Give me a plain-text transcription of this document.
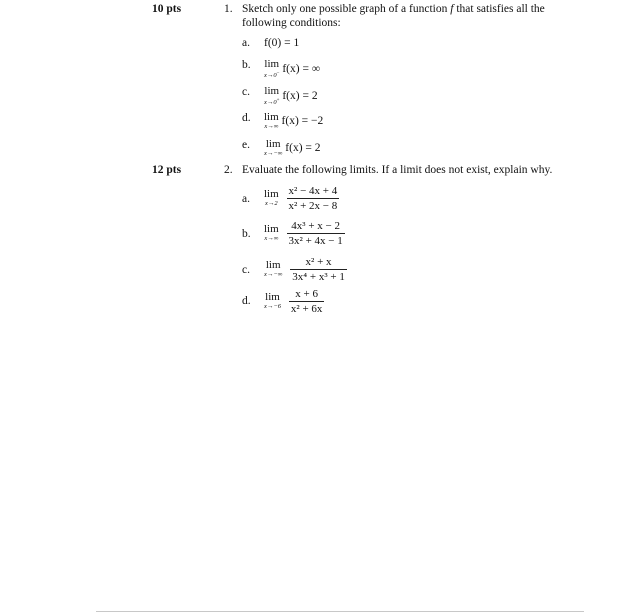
10 pts	1. Sketch only one possible graph of a function f that satisfies all the following conditions:
a. f(0) = 1
b. lim
x→0− f(x) = ∞
c. lim
x→0+ f(x) = 2
d. lim
x→∞ f(x) = −2
e. lim
x→−∞ f(x) = 2
12 pts	2. Evaluate the following limits. If a limit does not exist, explain why.
a. lim
x→2
$\frac{\text{x² − 4x + 4}}{\text{x² + 2x − 8}}$
b. lim
x→∞
$\frac{\text{4x³ + x − 2}}{\text{3x² + 4x − 1}}$
c. lim
x→−∞
$\frac{\text{x² + x}}{\text{3x⁴ + x³ + 1}}$
d. lim
x→−6
$\frac{x + 6}{\text{x² + 6x}}$
